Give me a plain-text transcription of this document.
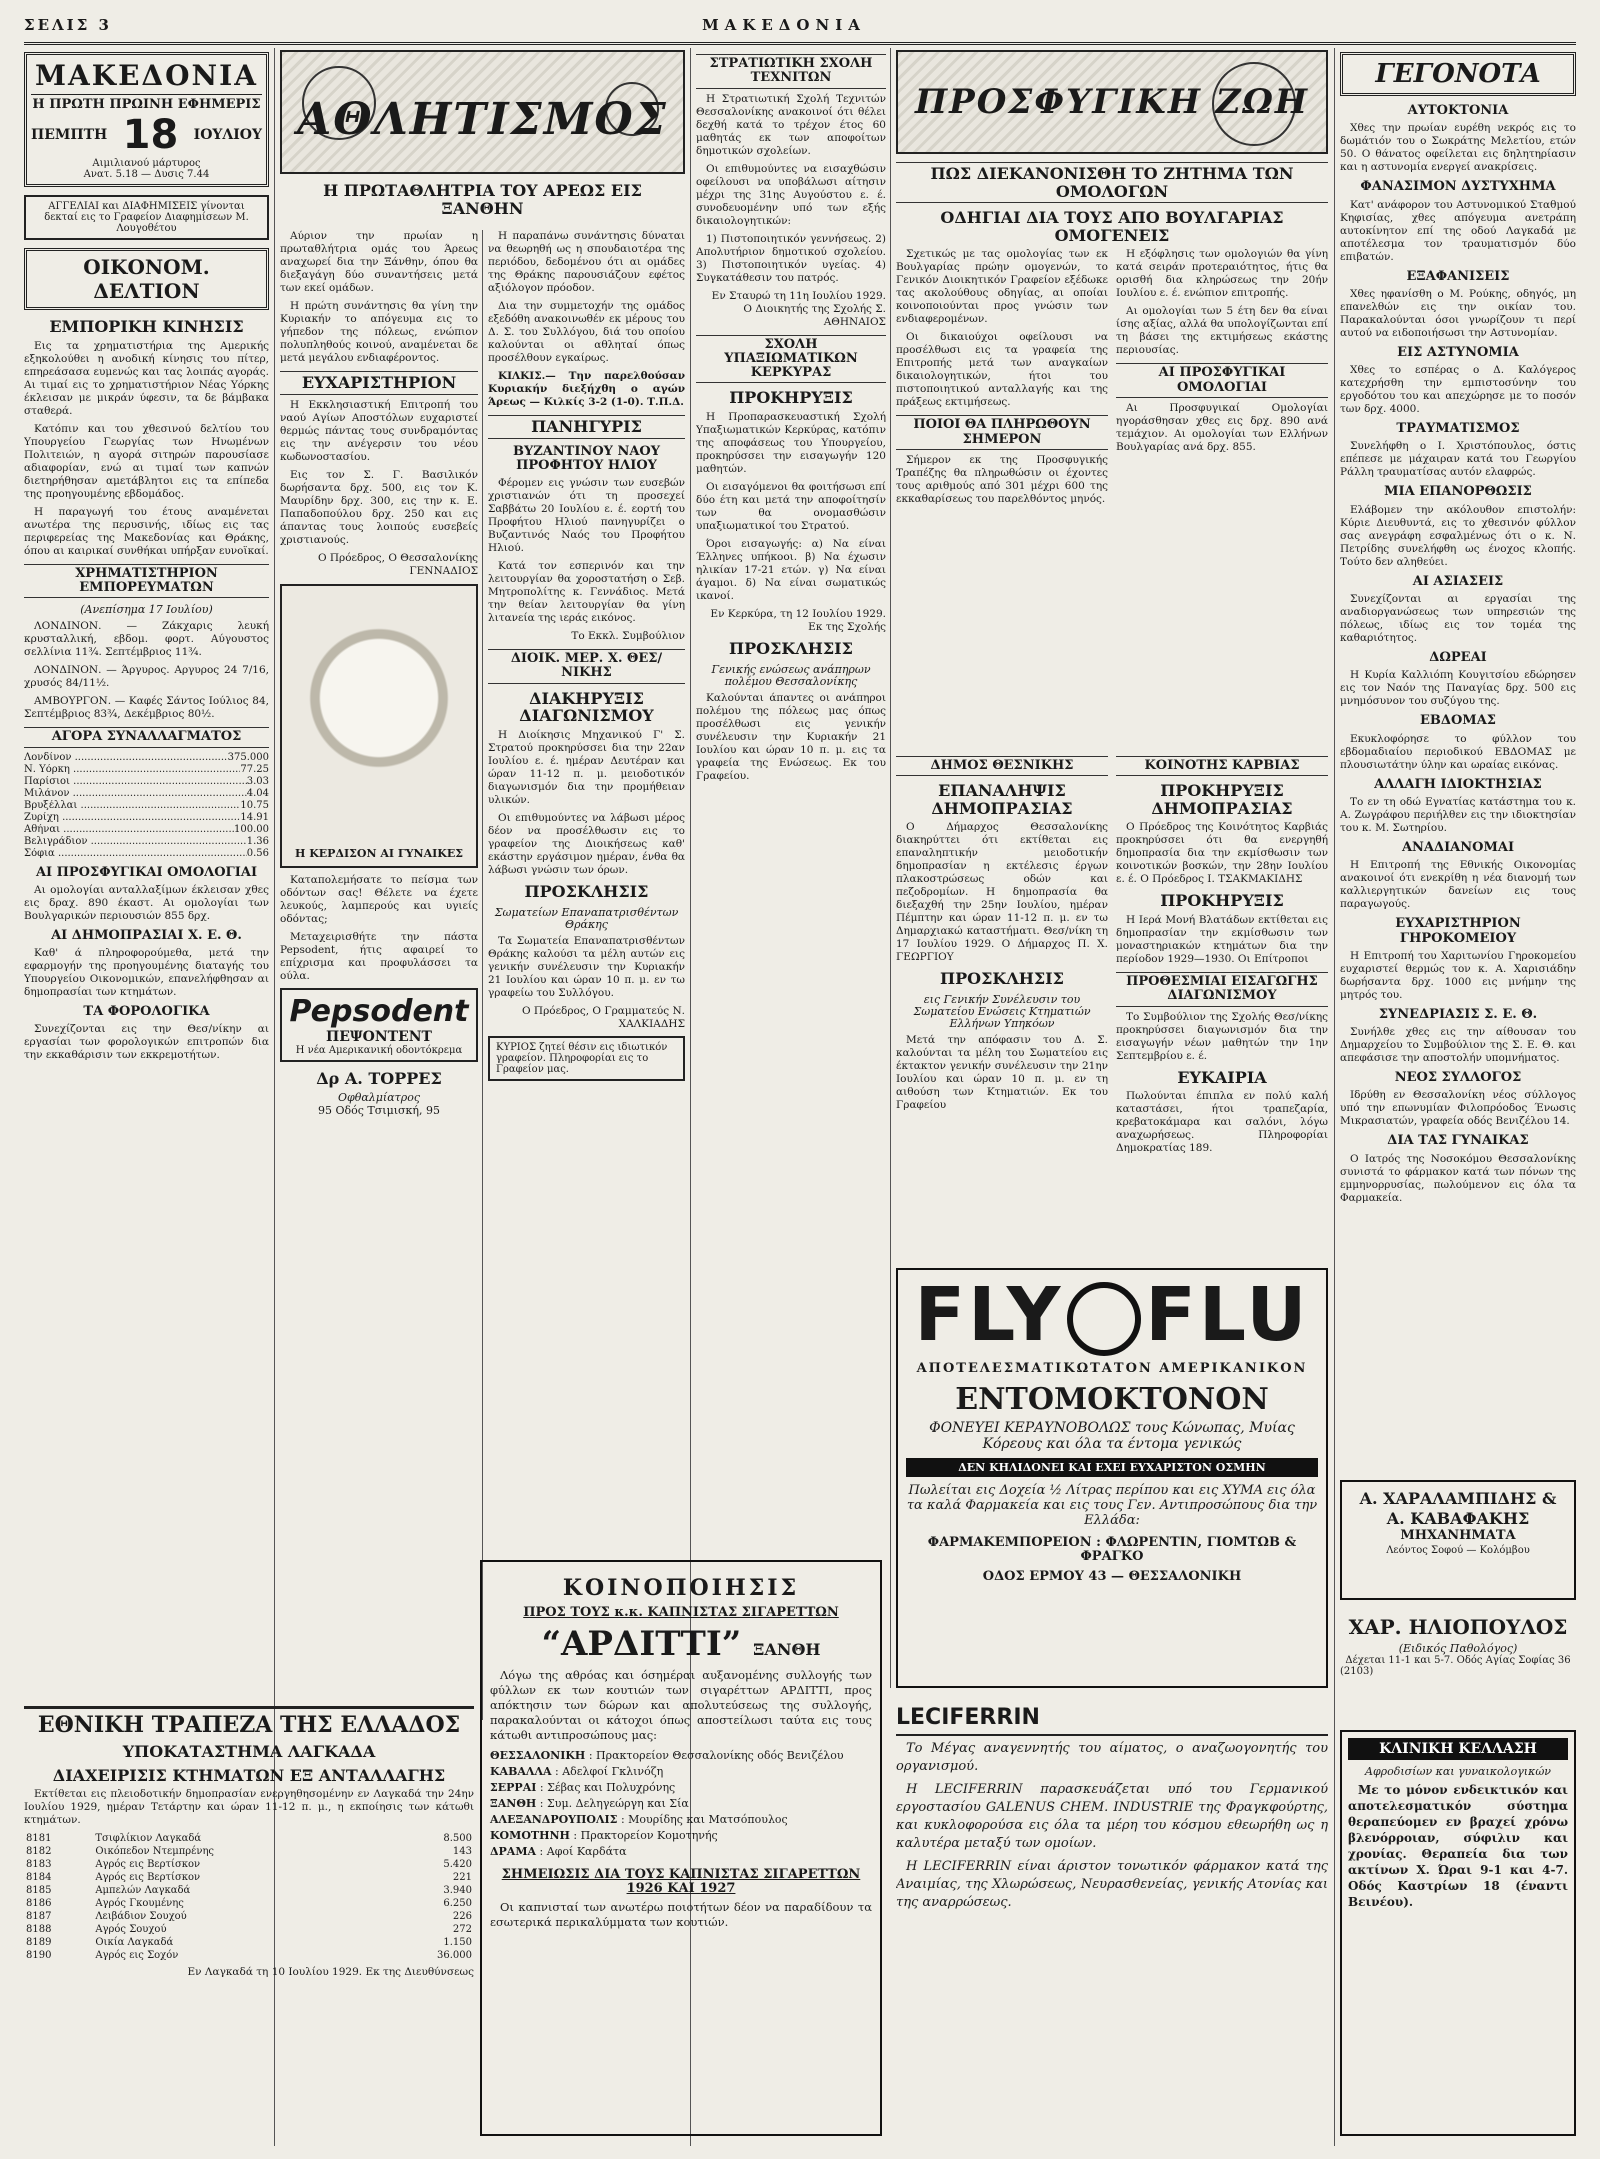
ΣΕΛΙΣ 3	ΜΑΚΕΔΟΝΙΑ
ΜΑΚΕΔΟΝΙΑ
Η ΠΡΩΤΗ ΠΡΩΙΝΗ ΕΦΗΜΕΡΙΣ
ΠΕΜΠΤΗ 18 ΙΟΥΛΙΟΥ
Αιμιλιανού μάρτυρος
Ανατ. 5.18 — Δυσις 7.44
ΑΓΓΕΛΙΑΙ και ΔΙΑΦΗΜΙΣΕΙΣ γίνονται δεκταί εις το Γραφείον Διαφημίσεων Μ. Λουγοθέτου
ΟΙΚΟΝΟΜ. ΔΕΛΤΙΟΝ
ΕΜΠΟΡΙΚΗ ΚΙΝΗΣΙΣ

Εις τα χρηματιστήρια της Αμερικής εξηκολούθει η ανοδική κίνησις του πίτερ, επηρεάσασα ευμενώς και τας λοιπάς αγοράς. Αι τιμαί εις το χρηματιστήριον Νέας Υόρκης έκλεισαν με μικράν ύφεσιν, τα δε βάμβακα σταθερά.

Κατόπιν και του χθεσινού δελτίου του Υπουργείου Γεωργίας των Ηνωμένων Πολιτειών, η αγορά σιτηρών παρουσίασε αδιαφορίαν, ενώ αι τιμαί των καπνών διετηρήθησαν αμετάβλητοι εις τα επίπεδα της προηγουμένης εβδομάδος.

Η παραγωγή του έτους αναμένεται ανωτέρα της περυσινής, ιδίως εις τας περιφερείας της Μακεδονίας και Θράκης, όπου αι καιρικαί συνθήκαι υπήρξαν ευνοϊκαί.

ΧΡΗΜΑΤΙΣΤΗΡΙΟΝ ΕΜΠΟΡΕΥΜΑΤΩΝ
(Ανεπίσημα 17 Ιουλίου)

ΛΟΝΔΙΝΟΝ. — Ζάκχαρις λευκή κρυσταλλική, εβδομ. φορτ. Αύγουστος σελλίνια 11¾. Σεπτέμβριος 11¾.

ΛΟΝΔΙΝΟΝ. — Άργυρος. Αργυρος 24 7/16, χρυσός 84/11½.

ΑΜΒΟΥΡΓΟΝ. — Καφές Σάντος Ιούλιος 84, Σεπτέμβριος 83¾, Δεκέμβριος 80½.

ΑΓΟΡΑ ΣΥΝΑΛΛΑΓΜΑΤΟΣ
Λονδίνον .....	375.000
Ν. Υόρκη .....	77.25
Παρίσιοι .....	3.03
Μιλάνον .....	4.04
Βρυξέλλαι .....	10.75
Ζυρίχη .....	14.91
Αθήναι .....	100.00
Βελιγράδιον .....	1.36
Σόφια .....	0.56
ΑΙ ΠΡΟΣΦΥΓΙΚΑΙ ΟΜΟΛΟΓΙΑΙ

Αι ομολογίαι ανταλλαξίμων έκλεισαν χθες εις δραχ. 890 έκαστ. Αι ομολογίαι των Βουλγαρικών περιουσιών 855 δρχ.

ΑΙ ΔΗΜΟΠΡΑΣΙΑΙ Χ. Ε. Θ.

Καθ' ά πληροφορούμεθα, μετά την εφαρμογήν της προηγουμένης διαταγής του Υπουργείου Οικονομικών, επανελήφθησαν αι δημοπρασίαι των κτημάτων.

ΤΑ ΦΟΡΟΛΟΓΙΚΑ

Συνεχίζονται εις την Θεσ/νίκην αι εργασίαι των φορολογικών επιτροπών δια την εκκαθάρισιν των εκκρεμοτήτων.

ΑΘΛΗΤΙΣΜΟΣ
Η ΠΡΩΤΑΘΛΗΤΡΙΑ ΤΟΥ ΑΡΕΩΣ ΕΙΣ ΞΑΝΘΗΝ

Αύριον την πρωίαν η πρωταθλήτρια ομάς του Άρεως αναχωρεί δια την Ξάνθην, όπου θα διεξαγάγη δύο συναντήσεις μετά των εκεί ομάδων.

Η πρώτη συνάντησις θα γίνη την Κυριακήν το απόγευμα εις το γήπεδον της πόλεως, ενώπιον πολυπληθούς κοινού, αναμένεται δε μετά μεγάλου ενδιαφέροντος.

ΕΥΧΑΡΙΣΤΗΡΙΟΝ

Η Εκκλησιαστική Επιτροπή του ναού Αγίων Αποστόλων ευχαριστεί θερμώς πάντας τους συνδραμόντας εις την ανέγερσιν του νέου κωδωνοστασίου.

Εις τον Σ. Γ. Βασιλικόν δωρήσαντα δρχ. 500, εις τον Κ. Μαυρίδην δρχ. 300, εις την κ. Ε. Παπαδοπούλου δρχ. 250 και εις άπαντας τους λοιπούς ευσεβείς χριστιανούς.

Ο Πρόεδρος, Ο Θεσσαλονίκης ΓΕΝΝΑΔΙΟΣ

Η ΚΕΡΔΙΣΟΝ ΑΙ ΓΥΝΑΙΚΕΣ

Καταπολεμήσατε το πείσμα των οδόντων σας! Θέλετε να έχετε λευκούς, λαμπερούς και υγιείς οδόντας;

Μεταχειρισθήτε την πάστα Pepsodent, ήτις αφαιρεί το επίχρισμα και προφυλάσσει τα ούλα.

Pepsodent
ΠΕΨΟΝΤΕΝΤ
Η νέα Αμερικανική οδοντόκρεμα
Δρ Α. ΤΟΡΡΕΣ
Οφθαλμίατρος
95 Οδός Τσιμισκή, 95

Η παραπάνω συνάντησις δύναται να θεωρηθή ως η σπουδαιοτέρα της περιόδου, δεδομένου ότι αι ομάδες της Θράκης παρουσιάζουν εφέτος αξιόλογον πρόοδον.

Δια την συμμετοχήν της ομάδος εξεδόθη ανακοινωθέν εκ μέρους του Δ. Σ. του Συλλόγου, διά του οποίου καλούνται οι αθληταί όπως προσέλθουν εγκαίρως.

ΚΙΛΚΙΣ.— Την παρελθούσαν Κυριακήν διεξήχθη ο αγών Άρεως — Κιλκίς 3-2 (1-0). Τ.Π.Δ.

ΠΑΝΗΓΥΡΙΣ
ΒΥΖΑΝΤΙΝΟΥ ΝΑΟΥ ΠΡΟΦΗΤΟΥ ΗΛΙΟΥ

Φέρομεν εις γνώσιν των ευσεβών χριστιανών ότι τη προσεχεί Σαββάτω 20 Ιουλίου ε. έ. εορτή του Προφήτου Ηλιού πανηγυρίζει ο Βυζαντινός Ναός του Προφήτου Ηλιού.

Κατά τον εσπερινόν και την λειτουργίαν θα χοροστατήση ο Σεβ. Μητροπολίτης κ. Γεννάδιος. Μετά την θείαν λειτουργίαν θα γίνη λιτανεία της ιεράς εικόνος.

Το Εκκλ. Συμβούλιον

ΔΙΟΙΚ. ΜΕΡ. Χ. ΘΕΣ/ΝΙΚΗΣ
ΔΙΑΚΗΡΥΞΙΣ ΔΙΑΓΩΝΙΣΜΟΥ

Η Διοίκησις Μηχανικού Γ' Σ. Στρατού προκηρύσσει δια την 22αν Ιουλίου ε. έ. ημέραν Δευτέραν και ώραν 11-12 π. μ. μειοδοτικόν διαγωνισμόν δια την προμήθειαν υλικών.

Οι επιθυμούντες να λάβωσι μέρος δέον να προσέλθωσιν εις το γραφείον της Διοικήσεως καθ' εκάστην εργάσιμον ημέραν, ένθα θα λάβωσι γνώσιν των όρων.

ΠΡΟΣΚΛΗΣΙΣ
Σωματείων Επαναπατρισθέντων Θράκης

Τα Σωματεία Επαναπατρισθέντων Θράκης καλούσι τα μέλη αυτών εις γενικήν συνέλευσιν την Κυριακήν 21 Ιουλίου και ώραν 10 π. μ. εν τω γραφείω του Συλλόγου.

Ο Πρόεδρος, Ο Γραμματεύς Ν. ΧΑΛΚΙΑΔΗΣ

ΚΥΡΙΟΣ ζητεί θέσιν εις ιδιωτικόν γραφείον. Πληροφορίαι εις το Γραφείον μας.
ΣΤΡΑΤΙΩΤΙΚΗ ΣΧΟΛΗ ΤΕΧΝΙΤΩΝ

Η Στρατιωτική Σχολή Τεχνιτών Θεσσαλονίκης ανακοινοί ότι θέλει δεχθή κατά το τρέχον έτος 60 μαθητάς εκ των αποφοίτων δημοτικών σχολείων.

Οι επιθυμούντες να εισαχθώσιν οφείλουσι να υποβάλωσι αίτησιν μέχρι της 31ης Αυγούστου ε. έ. συνοδευομένην υπό των εξής δικαιολογητικών:

1) Πιστοποιητικόν γεννήσεως. 2) Απολυτήριον δημοτικού σχολείου. 3) Πιστοποιητικόν υγείας. 4) Συγκατάθεσιν του πατρός.

Εν Σταυρώ τη 11η Ιουλίου 1929. Ο Διοικητής της Σχολής Σ. ΑΘΗΝΑΙΟΣ

ΣΧΟΛΗ ΥΠΑΞΙΩΜΑΤΙΚΩΝ ΚΕΡΚΥΡΑΣ
ΠΡΟΚΗΡΥΞΙΣ

Η Προπαρασκευαστική Σχολή Υπαξιωματικών Κερκύρας, κατόπιν της αποφάσεως του Υπουργείου, προκηρύσσει την εισαγωγήν 120 μαθητών.

Οι εισαγόμενοι θα φοιτήσωσι επί δύο έτη και μετά την αποφοίτησίν των θα ονομασθώσιν υπαξιωματικοί του Στρατού.

Όροι εισαγωγής: α) Να είναι Έλληνες υπήκοοι. β) Να έχωσιν ηλικίαν 17-21 ετών. γ) Να είναι άγαμοι. δ) Να είναι σωματικώς ικανοί.

Εν Κερκύρα, τη 12 Ιουλίου 1929. Εκ της Σχολής

ΠΡΟΣΚΛΗΣΙΣ
Γενικής ενώσεως ανάπηρων πολέμου Θεσσαλονίκης

Καλούνται άπαντες οι ανάπηροι πολέμου της πόλεως μας όπως προσέλθωσι εις γενικήν συνέλευσιν την Κυριακήν 21 Ιουλίου και ώραν 10 π. μ. εις τα γραφεία της Ενώσεως. Εκ του Γραφείου.

ΚΟΙΝΟΠΟΙΗΣΙΣ
ΠΡΟΣ ΤΟΥΣ κ.κ. ΚΑΠΝΙΣΤΑΣ ΣΙΓΑΡΕΤΤΩΝ
“ΑΡΔΙΤΤΙ” ΞΑΝΘΗ

Λόγω της αθρόας και όσημέραι αυξανομένης συλλογής των φύλλων εκ των κουτιών των σιγαρέττων ΑΡΔΙΤΤΙ, προς απόκτησιν των δώρων και απολυτεύσεως της συλλογής, παρακαλούνται οι κάτοχοι όπως αποστείλωσι ταύτα εις τους κάτωθι αντιπροσώπους μας:

ΘΕΣΣΑΛΟΝΙΚΗ : Πρακτορείον Θεσσαλονίκης οδός Βενιζέλου
ΚΑΒΑΛΛΑ : Αδελφοί Γκλινόζη
ΣΕΡΡΑΙ : Σέβας και Πολυχρόνης
ΞΑΝΘΗ : Συμ. Δεληγεώργη και Σία
ΑΛΕΞΑΝΔΡΟΥΠΟΛΙΣ : Μουρίδης και Ματσόπουλος
ΚΟΜΟΤΗΝΗ : Πρακτορείον Κομοτηνής
ΔΡΑΜΑ : Αφοί Καρδάτα
ΣΗΜΕΙΩΣΙΣ ΔΙΑ ΤΟΥΣ ΚΑΠΝΙΣΤΑΣ ΣΙΓΑΡΕΤΤΩΝ 1926 ΚΑΙ 1927

Οι καπνισταί των ανωτέρω ποιοτήτων δέον να παραδίδουν τα εσωτερικά περικαλύμματα των κουτιών.

ΕΘΝΙΚΗ ΤΡΑΠΕΖΑ ΤΗΣ ΕΛΛΑΔΟΣ
ΥΠΟΚΑΤΑΣΤΗΜΑ ΛΑΓΚΑΔΑ
ΔΙΑΧΕΙΡΙΣΙΣ ΚΤΗΜΑΤΩΝ ΕΞ ΑΝΤΑΛΛΑΓΗΣ

Εκτίθεται εις πλειοδοτικήν δημοπρασίαν ενεργηθησομένην εν Λαγκαδά την 24ην Ιουλίου 1929, ημέραν Τετάρτην και ώραν 11-12 π. μ., η εκποίησις των κάτωθι κτημάτων.

8181	Τσιφλίκιον Λαγκαδά	8.500
8182	Οικόπεδον Ντεμπρένης	143
8183	Αγρός εις Βερτίσκον	5.420
8184	Αγρός εις Βερτίσκον	221
8185	Αμπελών Λαγκαδά	3.940
8186	Αγρός Γκουμένης	6.250
8187	Λειβάδιον Σουχού	226
8188	Αγρός Σουχού	272
8189	Οικία Λαγκαδά	1.150
8190	Αγρός εις Σοχόν	36.000

Εν Λαγκαδά τη 10 Ιουλίου 1929. Εκ της Διευθύνσεως

ΠΡΟΣΦΥΓΙΚΗ ΖΩΗ
ΠΩΣ ΔΙΕΚΑΝΟΝΙΣΘΗ ΤΟ ΖΗΤΗΜΑ ΤΩΝ ΟΜΟΛΟΓΩΝ
ΟΔΗΓΙΑΙ ΔΙΑ ΤΟΥΣ ΑΠΟ ΒΟΥΛΓΑΡΙΑΣ ΟΜΟΓΕΝΕΙΣ

Σχετικώς με τας ομολογίας των εκ Βουλγαρίας πρώην ομογενών, το Γενικόν Διοικητικόν Γραφείον εξέδωκε τας ακολούθους οδηγίας, αι οποίαι κοινοποιούνται προς γνώσιν των ενδιαφερομένων.

Οι δικαιούχοι οφείλουσι να προσέλθωσι εις τα γραφεία της Επιτροπής μετά των αναγκαίων δικαιολογητικών, ήτοι του πιστοποιητικού ανταλλαγής και της πράξεως εκτιμήσεως.

ΠΟΙΟΙ ΘΑ ΠΛΗΡΩΘΟΥΝ ΣΗΜΕΡΟΝ

Σήμερον εκ της Προσφυγικής Τραπέζης θα πληρωθώσιν οι έχοντες τους αριθμούς από 301 μέχρι 600 της εκκαθαρίσεως του παρελθόντος μηνός.

Η εξόφλησις των ομολογιών θα γίνη κατά σειράν προτεραιότητος, ήτις θα ορισθή δια κληρώσεως την 20ήν Ιουλίου ε. έ. ενώπιον επιτροπής.

Αι ομολογίαι των 5 έτη δεν θα είναι ίσης αξίας, αλλά θα υπολογίζωνται επί τη βάσει της εκτιμήσεως εκάστης περιουσίας.

ΑΙ ΠΡΟΣΦΥΓΙΚΑΙ ΟΜΟΛΟΓΙΑΙ

Αι Προσφυγικαί Ομολογίαι ηγοράσθησαν χθες εις δρχ. 890 ανά τεμάχιον. Αι ομολογίαι των Ελλήνων Βουλγαρίας ανά δρχ. 855.

ΔΗΜΟΣ ΘΕΣΝΙΚΗΣ
ΕΠΑΝΑΛΗΨΙΣ ΔΗΜΟΠΡΑΣΙΑΣ

Ο Δήμαρχος Θεσσαλονίκης διακηρύττει ότι εκτίθεται εις επαναληπτικήν μειοδοτικήν δημοπρασίαν η εκτέλεσις έργων πλακοστρώσεως οδών και πεζοδρομίων. Η δημοπρασία θα διεξαχθή την 25ην Ιουλίου, ημέραν Πέμπτην και ώραν 11-12 π. μ. εν τω Δημαρχιακώ καταστήματι. Θεσ/νίκη τη 17 Ιουλίου 1929. Ο Δήμαρχος Π. Χ. ΓΕΩΡΓΙΟΥ

ΠΡΟΣΚΛΗΣΙΣ
εις Γενικήν Συνέλευσιν του Σωματείου Ενώσεις Κτηματιών Ελλήνων Υπηκόων

Μετά την απόφασιν του Δ. Σ. καλούνται τα μέλη του Σωματείου εις έκτακτον γενικήν συνέλευσιν την 21ην Ιουλίου και ώραν 10 π. μ. εν τη αιθούση των Κτηματιών. Εκ του Γραφείου

ΚΟΙΝΟΤΗΣ ΚΑΡΒΙΑΣ
ΠΡΟΚΗΡΥΞΙΣ ΔΗΜΟΠΡΑΣΙΑΣ

Ο Πρόεδρος της Κοινότητος Καρβιάς προκηρύσσει ότι θα ενεργηθή δημοπρασία δια την εκμίσθωσιν των κοινοτικών βοσκών, την 28ην Ιουλίου ε. έ. Ο Πρόεδρος Ι. ΤΣΑΚΜΑΚΙΔΗΣ

ΠΡΟΚΗΡΥΞΙΣ

Η Ιερά Μονή Βλατάδων εκτίθεται εις δημοπρασίαν την εκμίσθωσιν των μοναστηριακών κτημάτων δια την περίοδον 1929—1930. Οι Επίτροποι

ΠΡΟΘΕΣΜΙΑΙ ΕΙΣΑΓΩΓΗΣ ΔΙΑΓΩΝΙΣΜΟΥ

Το Συμβούλιον της Σχολής Θεσ/νίκης προκηρύσσει διαγωνισμόν δια την εισαγωγήν νέων μαθητών την 1ην Σεπτεμβρίου ε. έ.

ΕΥΚΑΙΡΙΑ

Πωλούνται έπιπλα εν πολύ καλή καταστάσει, ήτοι τραπεζαρία, κρεβατοκάμαρα και σαλόνι, λόγω αναχωρήσεως. Πληροφορίαι Δημοκρατίας 189.

FLY FLU
ΑΠΟΤΕΛΕΣΜΑΤΙΚΩΤΑΤΟΝ ΑΜΕΡΙΚΑΝΙΚΟΝ
ΕΝΤΟΜΟΚΤΟΝΟΝ
ΦΟΝΕΥΕΙ ΚΕΡΑΥΝΟΒΟΛΩΣ τους Κώνωπας, Μυίας
Κόρεους και όλα τα έντομα γενικώς
ΔΕΝ ΚΗΛΙΔΟΝΕΙ ΚΑΙ ΕΧΕΙ ΕΥΧΑΡΙΣΤΟΝ ΟΣΜΗΝ
Πωλείται εις Δοχεία ½ Λίτρας περίπου και εις ΧΥΜΑ εις όλα τα καλά Φαρμακεία και εις τους Γεν. Αντιπροσώπους δια την Ελλάδα:
ΦΑΡΜΑΚΕΜΠΟΡΕΙΟΝ : ΦΛΩΡΕΝΤΙΝ, ΓΙΟΜΤΩΒ & ΦΡΑΓΚΟ
ΟΔΟΣ ΕΡΜΟΥ 43 — ΘΕΣΣΑΛΟΝΙΚΗ
LECIFERRIN

Το Μέγας αναγεννητής του αίματος, ο αναζωογονητής του οργανισμού.

Η LECIFERRIN παρασκευάζεται υπό του Γερμανικού εργοστασίου GALENUS CHEM. INDUSTRIE της Φραγκφούρτης, και κυκλοφορούσα εις όλα τα μέρη του κόσμου εθεωρήθη ως η καλυτέρα μεταξύ των ομοίων.

Η LECIFERRIN είναι άριστον τονωτικόν φάρμακον κατά της Αναιμίας, της Χλωρώσεως, Νευρασθενείας, γενικής Ατονίας και της αναρρώσεως.

ΓΕΓΟΝΟΤΑ
ΑΥΤΟΚΤΟΝΙΑ

Χθες την πρωίαν ευρέθη νεκρός εις το δωμάτιόν του ο Σωκράτης Μελετίου, ετών 50. Ο θάνατος οφείλεται εις δηλητηρίασιν και η αστυνομία ενεργεί ανακρίσεις.

ΦΑΝΑΣΙΜΟΝ ΔΥΣΤΥΧΗΜΑ

Κατ' ανάφορον του Αστυνομικού Σταθμού Κηφισίας, χθες απόγευμα ανετράπη αυτοκίνητον επί της οδού Λαγκαδά με αποτέλεσμα τον τραυματισμόν δύο επιβατών.

ΕΞΑΦΑΝΙΣΕΙΣ

Χθες ηφανίσθη ο Μ. Ρούκης, οδηγός, μη επανελθών εις την οικίαν του. Παρακαλούνται όσοι γνωρίζουν τι περί αυτού να ειδοποιήσωσι την Αστυνομίαν.

ΕΙΣ ΑΣΤΥΝΟΜΙΑ

Χθες το εσπέρας ο Δ. Καλόγερος κατεχρήσθη την εμπιστοσύνην του εργοδότου του και απεχώρησε με το ποσόν των δρχ. 4000.

ΤΡΑΥΜΑΤΙΣΜΟΣ

Συνελήφθη ο Ι. Χριστόπουλος, όστις επέπεσε με μάχαιραν κατά του Γεωργίου Ράλλη τραυματίσας αυτόν ελαφρώς.

ΜΙΑ ΕΠΑΝΟΡΘΩΣΙΣ

Ελάβομεν την ακόλουθον επιστολήν: Κύριε Διευθυντά, εις το χθεσινόν φύλλον σας ανεγράφη εσφαλμένως ότι ο κ. Ν. Πετρίδης συνελήφθη ως ένοχος κλοπής. Τούτο δεν αληθεύει.

ΑΙ ΑΣΙΑΣΕΙΣ

Συνεχίζονται αι εργασίαι της αναδιοργανώσεως των υπηρεσιών της πόλεως, ιδίως εις τον τομέα της καθαριότητος.

ΔΩΡΕΑΙ

Η Κυρία Καλλιόπη Κουγιτσίου εδώρησεν εις τον Ναόν της Παναγίας δρχ. 500 εις μνημόσυνον του συζύγου της.

ΕΒΔΟΜΑΣ

Εκυκλοφόρησε το φύλλον του εβδομαδιαίου περιοδικού ΕΒΔΟΜΑΣ με πλουσιωτάτην ύλην και ωραίας εικόνας.

ΑΛΛΑΓΗ ΙΔΙΟΚΤΗΣΙΑΣ

Το εν τη οδώ Εγνατίας κατάστημα του κ. Α. Ζωγράφου περιήλθεν εις την ιδιοκτησίαν του κ. Μ. Σωτηρίου.

ΑΝΑΔΙΑΝΟΜΑΙ

Η Επιτροπή της Εθνικής Οικονομίας ανακοινοί ότι ενεκρίθη η νέα διανομή των καλλιεργητικών δανείων εις τους παραγωγούς.

ΕΥΧΑΡΙΣΤΗΡΙΟΝ ΓΗΡΟΚΟΜΕΙΟΥ

Η Επιτροπή του Χαριτωνίου Γηροκομείου ευχαριστεί θερμώς τον κ. Α. Χαρισιάδην δωρήσαντα δρχ. 1000 εις μνήμην της μητρός του.

ΣΥΝΕΔΡΙΑΣΙΣ Σ. Ε. Θ.

Συνήλθε χθες εις την αίθουσαν του Δημαρχείου το Συμβούλιον της Σ. Ε. Θ. και απεφάσισε την αποστολήν υπομνήματος.

ΝΕΟΣ ΣΥΛΛΟΓΟΣ

Ιδρύθη εν Θεσσαλονίκη νέος σύλλογος υπό την επωνυμίαν Φιλοπρόοδος Ένωσις Μικρασιατών, γραφεία οδός Βενιζέλου 14.

ΔΙΑ ΤΑΣ ΓΥΝΑΙΚΑΣ

Ο Ιατρός της Νοσοκόμου Θεσσαλονίκης συνιστά το φάρμακον κατά των πόνων της εμμηνορρυσίας, πωλούμενον εις όλα τα Φαρμακεία.

Α. ΧΑΡΑΛΑΜΠΙΔΗΣ &
Α. ΚΑΒΑΦΑΚΗΣ
ΜΗΧΑΝΗΜΑΤΑ
Λεόντος Σοφού — Κολόμβου
ΧΑΡ. ΗΛΙΟΠΟΥΛΟΣ
(Ειδικός Παθολόγος)
Δέχεται 11-1 και 5-7. Οδός Αγίας Σοφίας 36
(2103)
ΚΛΙΝΙΚΗ ΚΕΛΛΑΣΗ
Αφροδισίων και γυναικολογικών

Με το μόνον ενδεικτικόν και αποτελεσματικόν σύστημα θεραπεύομεν εν βραχεί χρόνω βλενόρροιαν, σύφιλιν και χρονίας. Θεραπεία δια των ακτίνων Χ. Ώραι 9-1 και 4-7. Οδός Καστρίων 18 (έναντι Βεινέου).
